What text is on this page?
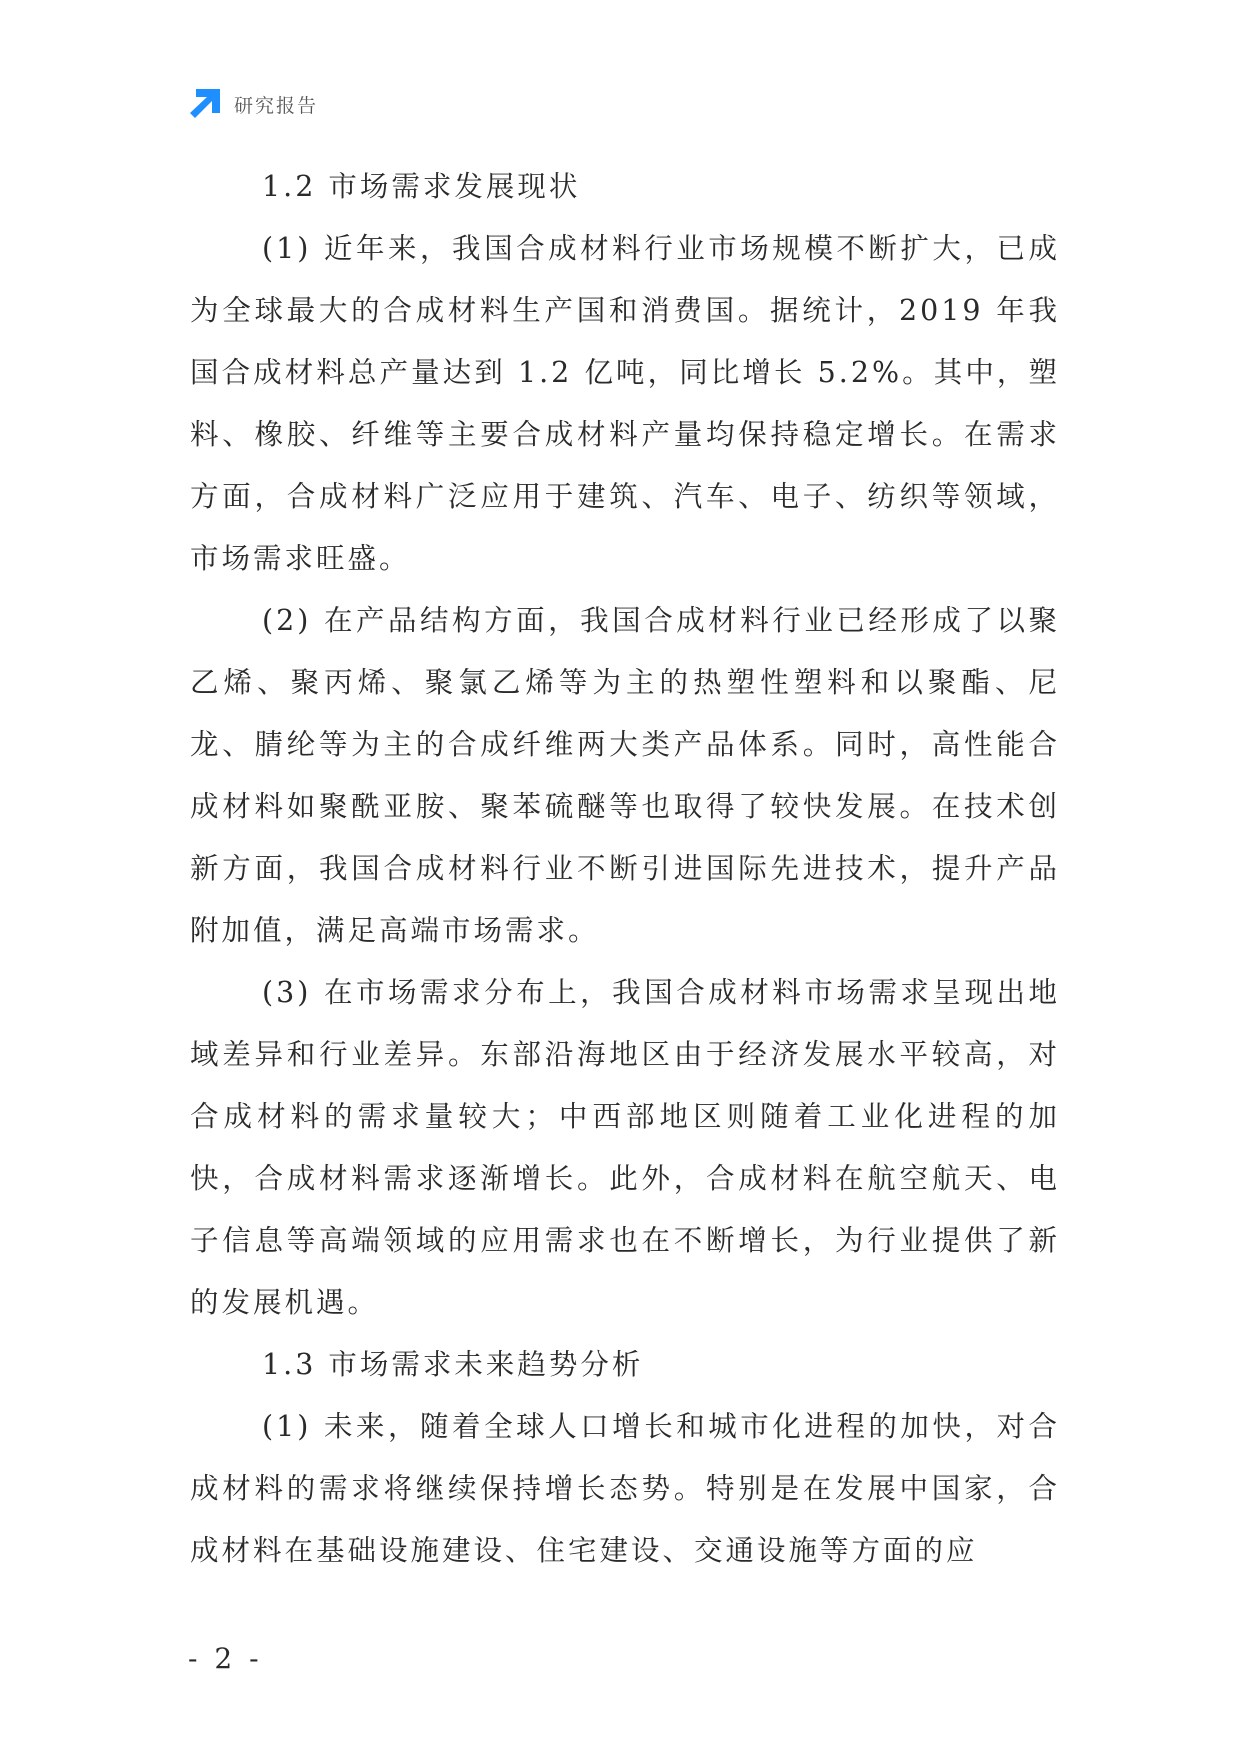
研究报告
1.2 市场需求发展现状

(1) 近年来，我国合成材料行业市场规模不断扩大，已成为全球最大的合成材料生产国和消费国。据统计，2019 年我国合成材料总产量达到 1.2 亿吨，同比增长 5.2%。其中，塑料、橡胶、纤维等主要合成材料产量均保持稳定增长。在需求方面，合成材料广泛应用于建筑、汽车、电子、纺织等领域，市场需求旺盛。

(2) 在产品结构方面，我国合成材料行业已经形成了以聚乙烯、聚丙烯、聚氯乙烯等为主的热塑性塑料和以聚酯、尼龙、腈纶等为主的合成纤维两大类产品体系。同时，高性能合成材料如聚酰亚胺、聚苯硫醚等也取得了较快发展。在技术创新方面，我国合成材料行业不断引进国际先进技术，提升产品附加值，满足高端市场需求。

(3) 在市场需求分布上，我国合成材料市场需求呈现出地域差异和行业差异。东部沿海地区由于经济发展水平较高，对合成材料的需求量较大；中西部地区则随着工业化进程的加快，合成材料需求逐渐增长。此外，合成材料在航空航天、电子信息等高端领域的应用需求也在不断增长，为行业提供了新的发展机遇。

1.3 市场需求未来趋势分析

(1) 未来，随着全球人口增长和城市化进程的加快，对合成材料的需求将继续保持增长态势。特别是在发展中国家，合成材料在基础设施建设、住宅建设、交通设施等方面的应

- 2 -
